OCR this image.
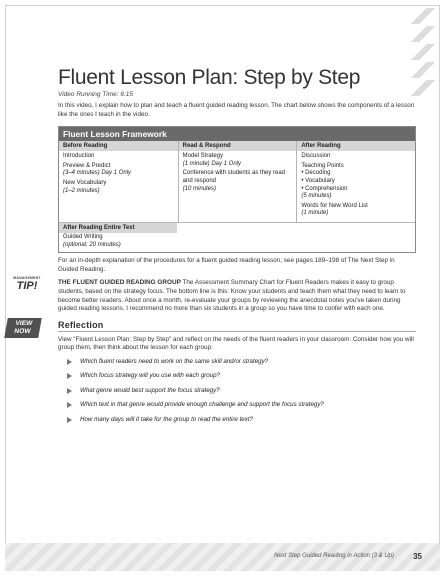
Fluent Lesson Plan: Step by Step
Video Running Time: 6:15
In this video, I explain how to plan and teach a fluent guided reading lesson. The chart below shows the components of a lesson like the ones I teach in the video.
Fluent Lesson Framework
Before Reading
Introduction
Preview & Predict
(3–4 minutes) Day 1 Only
New Vocabulary
(1–2 minutes)
Read & Respond
Model Strategy
(1 minute) Day 1 Only
Conference with students as they read and respond
(10 minutes)
After Reading
Discussion
Teaching Points
• Decoding
• Vocabulary
• Comprehension
(5 minutes)
Words for New Word List
(1 minute)
After Reading Entire Text
Guided Writing
(optional; 20 minutes)
For an in-depth explanation of the procedures for a fluent guided reading lesson, see pages 189–198 of The Next Step in Guided Reading.
MANAGEMENT
TIP!	THE FLUENT GUIDED READING GROUP The Assessment Summary Chart for Fluent Readers makes it easy to group students, based on the strategy focus. The bottom line is this: Know your students and teach them what they need to learn to become better readers. About once a month, re-evaluate your groups by reviewing the anecdotal notes you've taken during guided reading lessons. I recommend no more than six students in a group so you have time to confer with each one.
VIEW NOW
Reflection
View "Fluent Lesson Plan: Step by Step" and reflect on the needs of the fluent readers in your classroom. Consider how you will group them, then think about the lesson for each group:
Which fluent readers need to work on the same skill and/or strategy?
Which focus strategy will you use with each group?
What genre would best support the focus strategy?
Which text in that genre would provide enough challenge and support the focus strategy?
How many days will it take for the group to read the entire text?
Next Step Guided Reading in Action (3 & Up) 35
